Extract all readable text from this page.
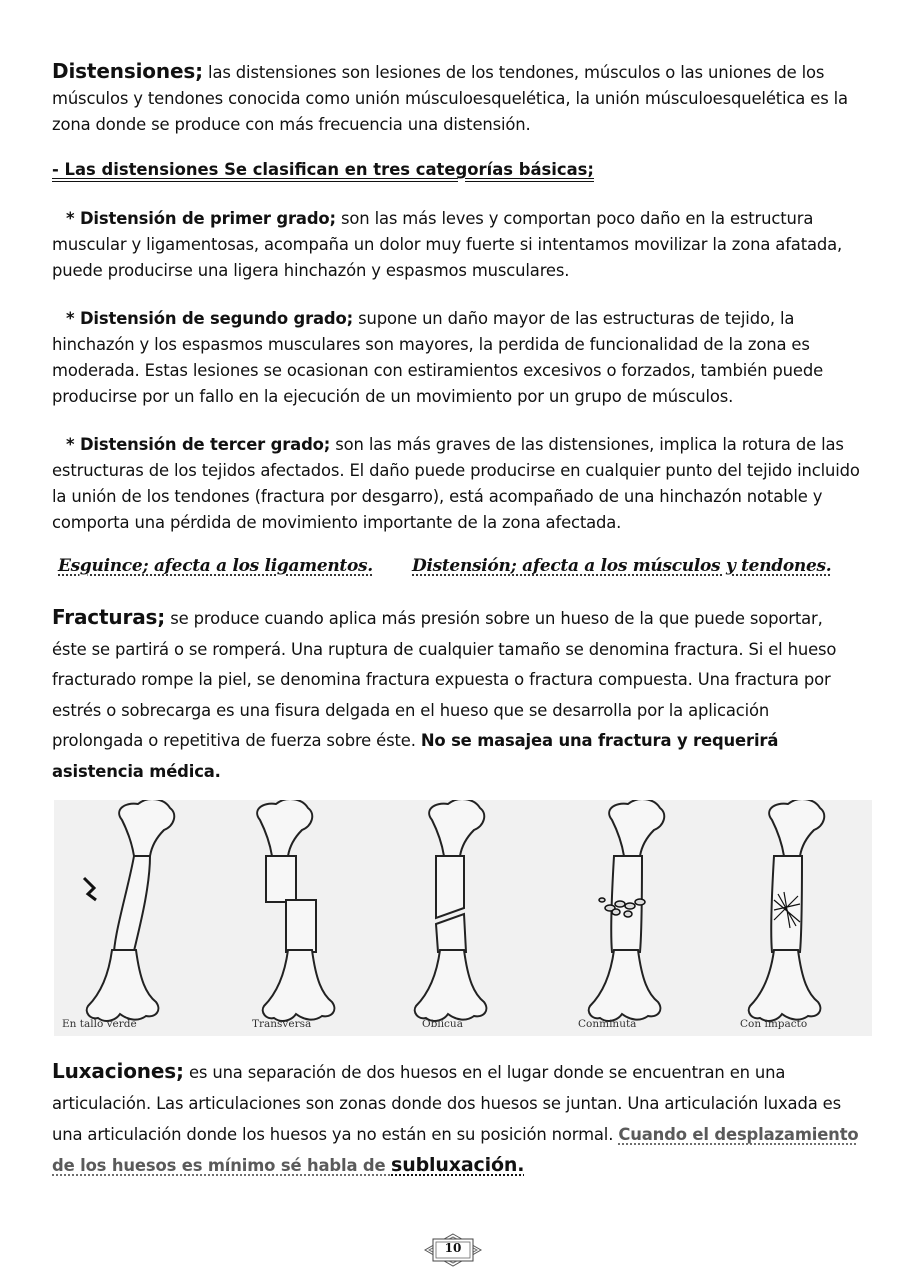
Distensiones; las distensiones son lesiones de los tendones, músculos o las uniones de los músculos y tendones conocida como unión músculoesquelética, la unión músculoesquelética es la zona donde se produce con más frecuencia una distensión.

- Las distensiones Se clasifican en tres categorías básicas;

* Distensión de primer grado; son las más leves y comportan poco daño en la estructura muscular y ligamentosas, acompaña un dolor muy fuerte si intentamos movilizar la zona afatada, puede producirse una ligera hinchazón y espasmos musculares.

* Distensión de segundo grado; supone un daño mayor de las estructuras de tejido, la hinchazón y los espasmos musculares son mayores, la perdida de funcionalidad de la zona es moderada. Estas lesiones se ocasionan con estiramientos excesivos o forzados, también puede producirse por un fallo en la ejecución de un movimiento por un grupo de músculos.

* Distensión de tercer grado; son las más graves de las distensiones, implica la rotura de las estructuras de los tejidos afectados. El daño puede producirse en cualquier punto del tejido incluido la unión de los tendones (fractura por desgarro), está acompañado de una hinchazón notable y comporta una pérdida de movimiento importante de la zona afectada.

Esguince; afecta a los ligamentos. Distensión; afecta a los músculos y tendones.

Fracturas; se produce cuando aplica más presión sobre un hueso de la que puede soportar, éste se partirá o se romperá. Una ruptura de cualquier tamaño se denomina fractura. Si el hueso fracturado rompe la piel, se denomina fractura expuesta o fractura compuesta. Una fractura por estrés o sobrecarga es una fisura delgada en el hueso que se desarrolla por la aplicación prolongada o repetitiva de fuerza sobre éste. No se masajea una fractura y requerirá asistencia médica.

En tallo verde	Transversa	Oblicua	Conminuta	Con impacto

Luxaciones; es una separación de dos huesos en el lugar donde se encuentran en una articulación. Las articulaciones son zonas donde dos huesos se juntan. Una articulación luxada es una articulación donde los huesos ya no están en su posición normal. Cuando el desplazamiento de los huesos es mínimo sé habla de subluxación.

10
